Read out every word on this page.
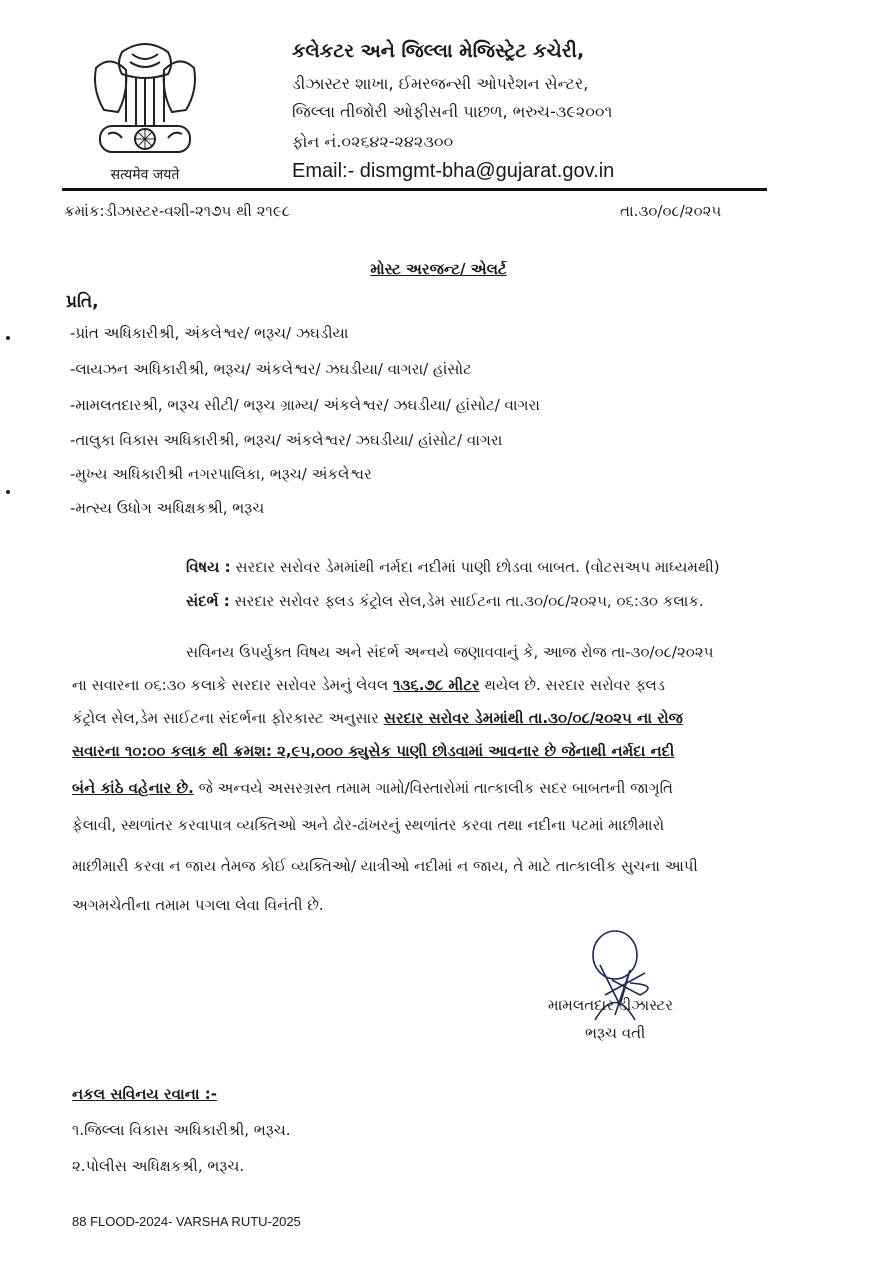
सत्यमेव जयते
કલેકટર અને જિલ્લા મેજિસ્ટ્રેટ કચેરી,
ડીઝાસ્ટર શાખા, ઈમરજન્સી ઓપરેશન સેન્ટર,
જિલ્લા તીજોરી ઓફીસની પાછળ, ભરુચ-૩૯૨૦૦૧
ફોન નં.૦૨૬૪૨-૨૪૨૩૦૦
Email:- dismgmt-bha@gujarat.gov.in
ક્રમાંક:ડીઝાસ્ટર-વશી-૨૧૭૫ થી ૨૧૯૮	તા.૩૦/૦૮/૨૦૨૫
મોસ્ટ અરજન્ટ/ એલર્ટ
પ્રતિ,
-પ્રાંત અધિકારીશ્રી, અંકલેશ્વર/ ભરૂચ/ ઝઘડીયા
-લાયઝન અધિકારીશ્રી, ભરૂચ/ અંકલેશ્વર/ ઝઘડીયા/ વાગરા/ હાંસોટ
-મામલતદારશ્રી, ભરૂચ સીટી/ ભરૂચ ગ્રામ્ય/ અંકલેશ્વર/ ઝઘડીયા/ હાંસોટ/ વાગરા
-તાલુકા વિકાસ અધિકારીશ્રી, ભરૂચ/ અંકલેશ્વર/ ઝઘડીયા/ હાંસોટ/ વાગરા
-મુખ્ય અધિકારીશ્રી નગરપાલિકા, ભરૂચ/ અંકલેશ્વર
-મત્સ્ય ઉધોગ અધિક્ષકશ્રી, ભરૂચ
વિષય : સરદાર સરોવર ડેમમાંથી નર્મદા નદીમાં પાણી છોડવા બાબત. (વોટસઅપ માધ્યમથી)
સંદર્ભ : સરદાર સરોવર ફ્લડ કંટ્રોલ સેલ,ડેમ સાઈટના તા.૩૦/૦૮/૨૦૨૫, ૦૬:૩૦ કલાક.
સવિનય ઉપર્યુક્ત વિષય અને સંદર્ભ અન્વયે જણાવવાનું કે, આજ રોજ તા-૩૦/૦૮/૨૦૨૫
ના સવારના ૦૬:૩૦ કલાકે સરદાર સરોવર ડેમનું લેવલ ૧૩૬.૭૮ મીટર થયેલ છે. સરદાર સરોવર ફ્લડ
કંટ્રોલ સેલ,ડેમ સાઈટના સંદર્ભના ફોરકાસ્ટ અનુસાર સરદાર સરોવર ડેમમાંથી તા.૩૦/૦૮/૨૦૨૫ ના રોજ
સવારના ૧૦:૦૦ કલાક થી ક્રમશ: ૨,૯૫,૦૦૦ ક્યુસેક પાણી છોડવામાં આવનાર છે જેનાથી નર્મદા નદી
બંને કાંઠે વહેનાર છે. જે અન્વયે અસરગ્રસ્ત તમામ ગામો/વિસ્તારોમાં તાત્કાલીક સદર બાબતની જાગૃતિ
ફેલાવી, સ્થળાંતર કરવાપાત્ર વ્યક્તિઓ અને ઢોર-ઢાંખરનું સ્થળાંતર કરવા તથા નદીના પટમાં માછીમારો
માછીમારી કરવા ન જાય તેમજ કોઈ વ્યક્તિઓ/ યાત્રીઓ નદીમાં ન જાય, તે માટે તાત્કાલીક સુચના આપી
અગમચેતીના તમામ પગલા લેવા વિનંતી છે.
મામલતદાર ડીઝાસ્ટર
ભરૂચ વતી
નકલ સવિનય રવાના :-
૧.જિલ્લા વિકાસ અધિકારીશ્રી, ભરૂચ.
૨.પોલીસ અધિક્ષકશ્રી, ભરૂચ.
88 FLOOD-2024- VARSHA RUTU-2025
